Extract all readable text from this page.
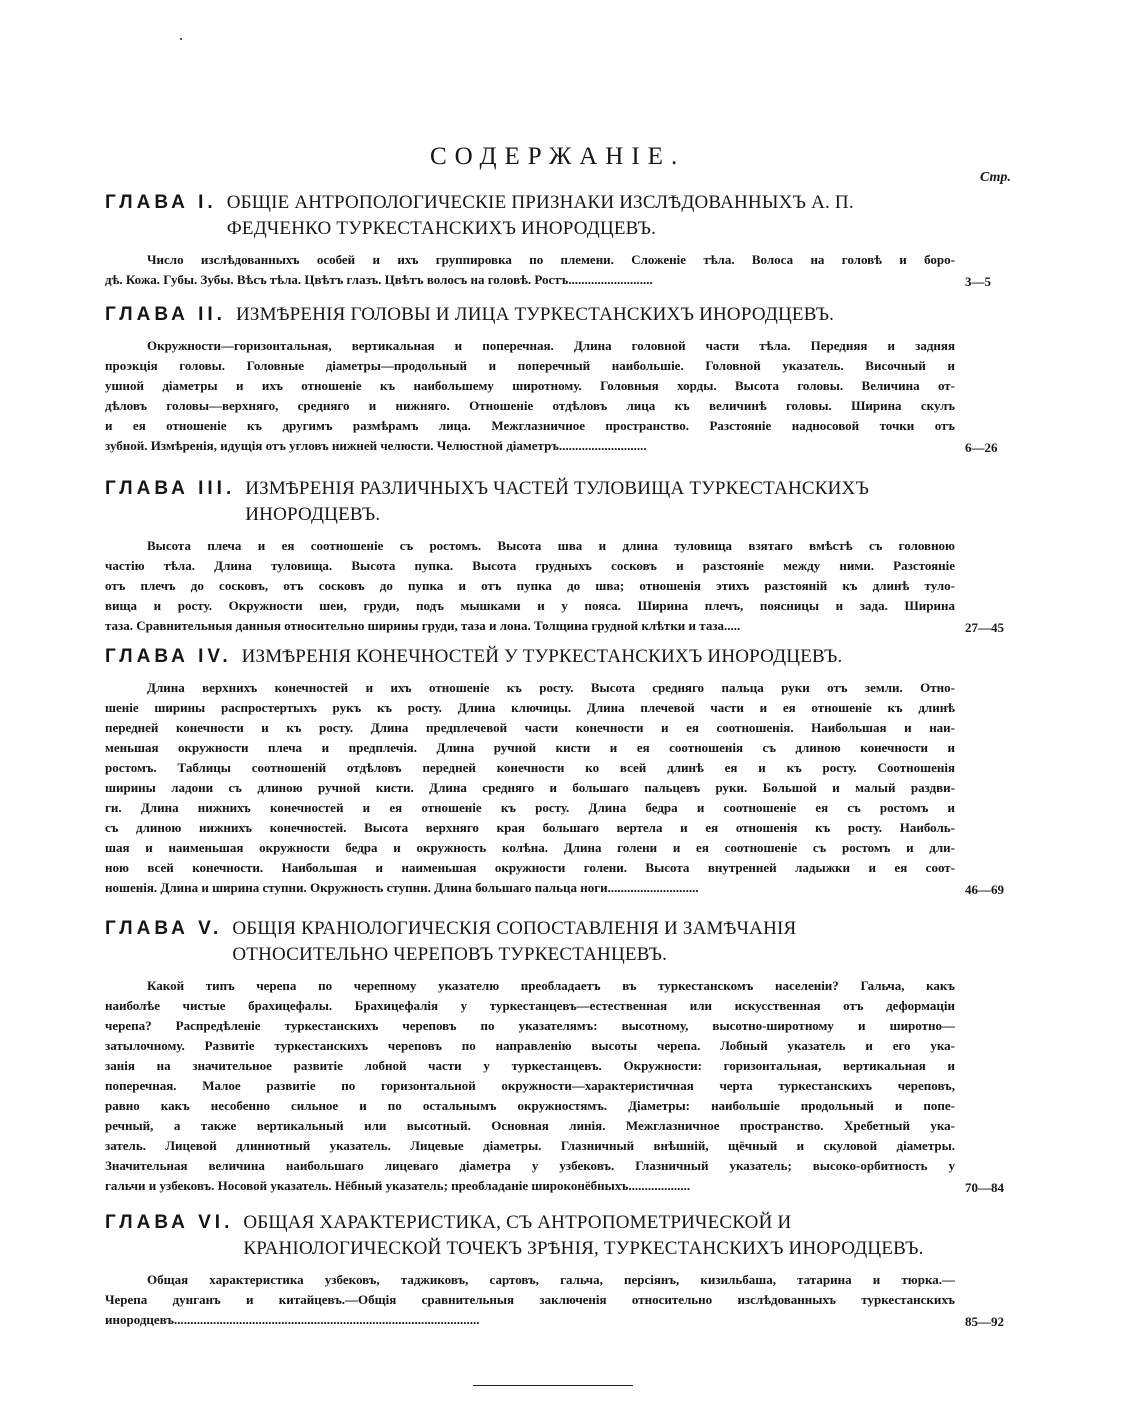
СОДЕРЖАНІЕ.
Стр.
ГЛАВА I. ОБЩІЕ АНТРОПОЛОГИЧЕСКІЕ ПРИЗНАКИ ИЗСЛѢДОВАННЫХЪ А. П. ФЕДЧЕНКО ТУРКЕСТАНСКИХЪ ИНОРОДЦЕВЪ.
Число изслѣдованныхъ особей и ихъ группировка по племени. Сложеніе тѣла. Волоса на головѣ и боро-
дѣ. Кожа. Губы. Зубы. Вѣсъ тѣла. Цвѣтъ глазъ. Цвѣтъ волосъ на головѣ. Ростъ..........................	3—5
ГЛАВА II. ИЗМѢРЕНІЯ ГОЛОВЫ И ЛИЦА ТУРКЕСТАНСКИХЪ ИНОРОДЦЕВЪ.
Окружности—горизонтальная, вертикальная и поперечная. Длина головной части тѣла. Передняя и задняя
проэкція головы. Головные діаметры—продольный и поперечный наибольшіе. Головной указатель. Височный и
ушной діаметры и ихъ отношеніе къ наибольшему широтному. Головныя хорды. Высота головы. Величина от-
дѣловъ головы—верхняго, средняго и нижняго. Отношеніе отдѣловъ лица къ величинѣ головы. Ширина скулъ
и ея отношеніе къ другимъ размѣрамъ лица. Межглазничное пространство. Разстояніе надносовой точки отъ
зубной. Измѣренія, идущія отъ угловъ нижней челюсти. Челюстной діаметръ...........................	6—26
ГЛАВА III. ИЗМѢРЕНІЯ РАЗЛИЧНЫХЪ ЧАСТЕЙ ТУЛОВИЩА ТУРКЕСТАНСКИХЪ ИНОРОДЦЕВЪ.
Высота плеча и ея соотношеніе съ ростомъ. Высота шва и длина туловища взятаго вмѣстѣ съ головною
частію тѣла. Длина туловища. Высота пупка. Высота грудныхъ сосковъ и разстояніе между ними. Разстояніе
отъ плечъ до сосковъ, отъ сосковъ до пупка и отъ пупка до шва; отношенія этихъ разстояній къ длинѣ туло-
вища и росту. Окружности шеи, груди, подъ мышками и у пояса. Ширина плечъ, поясницы и зада. Ширина
таза. Сравнительныя данныя относительно ширины груди, таза и лона. Толщина грудной клѣтки и таза.....	27—45
ГЛАВА IV. ИЗМѢРЕНІЯ КОНЕЧНОСТЕЙ У ТУРКЕСТАНСКИХЪ ИНОРОДЦЕВЪ.
Длина верхнихъ конечностей и ихъ отношеніе къ росту. Высота средняго пальца руки отъ земли. Отно-
шеніе ширины распростертыхъ рукъ къ росту. Длина ключицы. Длина плечевой части и ея отношеніе къ длинѣ
передней конечности и къ росту. Длина предплечевой части конечности и ея соотношенія. Наибольшая и наи-
меньшая окружности плеча и предплечія. Длина ручной кисти и ея соотношенія съ длиною конечности и
ростомъ. Таблицы соотношеній отдѣловъ передней конечности ко всей длинѣ ея и къ росту. Соотношенія
ширины ладони съ длиною ручной кисти. Длина средняго и большаго пальцевъ руки. Большой и малый раздви-
ги. Длина нижнихъ конечностей и ея отношеніе къ росту. Длина бедра и соотношеніе ея съ ростомъ и
съ длиною нижнихъ конечностей. Высота верхняго края большаго вертела и ея отношенія къ росту. Наиболь-
шая и наименьшая окружности бедра и окружность колѣна. Длина голени и ея соотношеніе съ ростомъ и дли-
ною всей конечности. Наибольшая и наименьшая окружности голени. Высота внутренней ладыжки и ея соот-
ношенія. Длина и ширина ступни. Окружность ступни. Длина большаго пальца ноги............................	46—69
ГЛАВА V. ОБЩІЯ КРАНІОЛОГИЧЕСКІЯ СОПОСТАВЛЕНІЯ И ЗАМѢЧАНІЯ ОТНОСИТЕЛЬНО ЧЕРЕПОВЪ ТУРКЕСТАНЦЕВЪ.
Какой типъ черепа по черепному указателю преобладаетъ въ туркестанскомъ населеніи? Гальча, какъ
наиболѣе чистые брахицефалы. Брахицефалія у туркестанцевъ—естественная или искусственная отъ деформаціи
черепа? Распредѣленіе туркестанскихъ череповъ по указателямъ: высотному, высотно-широтному и широтно—
затылочному. Развитіе туркестанскихъ череповъ по направленію высоты черепа. Лобный указатель и его ука-
занія на значительное развитіе лобной части у туркестанцевъ. Окружности: горизонтальная, вертикальная и
поперечная. Малое развитіе по горизонтальной окружности—характеристичная черта туркестанскихъ череповъ,
равно какъ несобенно сильное и по остальнымъ окружностямъ. Діаметры: наибольшіе продольный и попе-
речный, а также вертикальный или высотный. Основная линія. Межглазничное пространство. Хребетный ука-
затель. Лицевой длиннотный указатель. Лицевые діаметры. Глазничный внѣшній, щёчный и скуловой діаметры.
Значительная величина наибольшаго лицеваго діаметра у узбековъ. Глазничный указатель; высоко-орбитность у
гальчи и узбековъ. Носовой указатель. Нёбный указатель; преобладаніе широконёбныхъ...................	70—84
ГЛАВА VI. ОБЩАЯ ХАРАКТЕРИСТИКА, СЪ АНТРОПОМЕТРИЧЕСКОЙ И КРАНІОЛОГИЧЕСКОЙ ТОЧЕКЪ ЗРѢНІЯ, ТУРКЕСТАНСКИХЪ ИНОРОДЦЕВЪ.
Общая характеристика узбековъ, таджиковъ, сартовъ, гальча, персіянъ, кизильбаша, татарина и тюрка.—
Черепа дунганъ и китайцевъ.—Общія сравнительныя заключенія относительно изслѣдованныхъ туркестанскихъ
инородцевъ..............................................................................................	85—92
